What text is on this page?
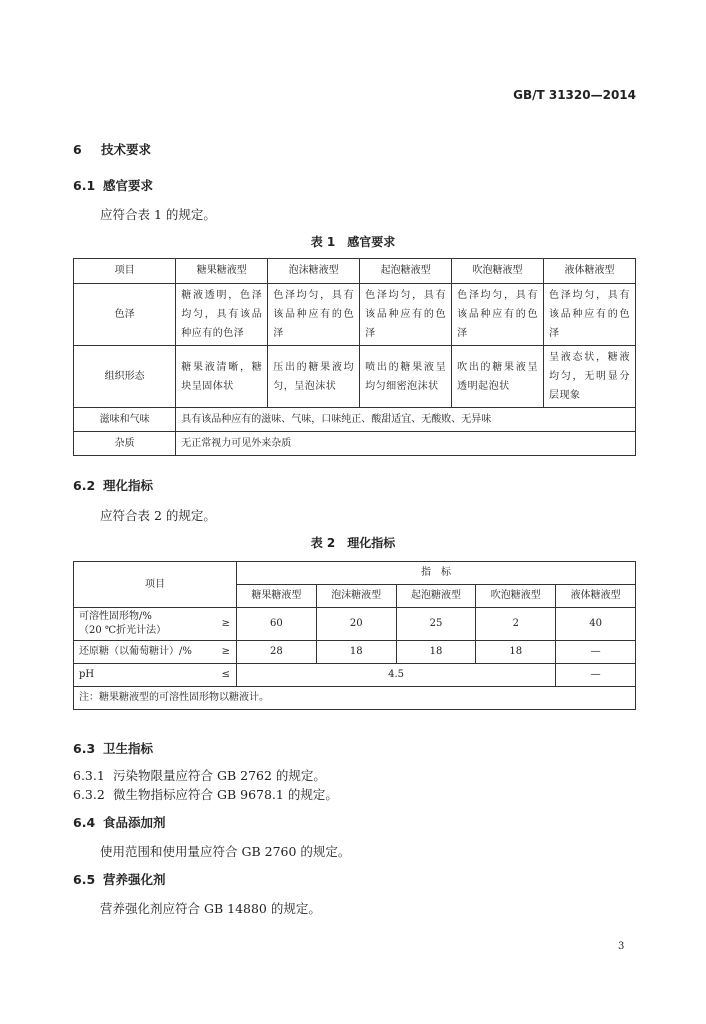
GB/T 31320—2014
6 技术要求
6.1 感官要求
应符合表 1 的规定。
表 1　感官要求
项目	糖果糖液型	泡沫糖液型	起泡糖液型	吹泡糖液型	液体糖液型
色泽	糖液透明，色泽均匀，具有该品种应有的色泽	色泽均匀，具有该品种应有的色泽	色泽均匀，具有该品种应有的色泽	色泽均匀，具有该品种应有的色泽	色泽均匀，具有该品种应有的色泽
组织形态	糖果液清晰，糖块呈固体状	压出的糖果液均匀，呈泡沫状	喷出的糖果液呈均匀细密泡沫状	吹出的糖果液呈透明起泡状	呈液态状，糖液均匀，无明显分层现象
滋味和气味	具有该品种应有的滋味、气味，口味纯正、酸甜适宜、无酸败、无异味				
杂质	无正常视力可见外来杂质				
6.2 理化指标
应符合表 2 的规定。
表 2　理化指标
项目	指　标				
	糖果糖液型	泡沫糖液型	起泡糖液型	吹泡糖液型	液体糖液型

可溶性固形物/%
（20 ℃折光计法）
≥	60	20	25	2	40
还原糖（以葡萄糖计）/% ≥	28	18	18	18	—
pH ≤	4.5				—
注：糖果糖液型的可溶性固形物以糖液计。					
6.3 卫生指标
6.3.1 污染物限量应符合 GB 2762 的规定。
6.3.2 微生物指标应符合 GB 9678.1 的规定。
6.4 食品添加剂
使用范围和使用量应符合 GB 2760 的规定。
6.5 营养强化剂
营养强化剂应符合 GB 14880 的规定。
3
